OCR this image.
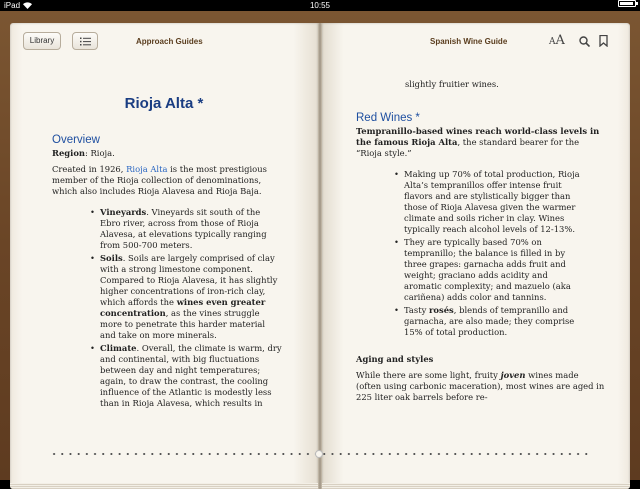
iPad	10:55
Library	Approach Guides
Rioja Alta *
Overview

Region: Rioja.

Created in 1926, Rioja Alta is the most prestigious member of the Rioja collection of denominations, which also includes Rioja Alavesa and Rioja Baja.

• Vineyards. Vineyards sit south of the Ebro river, across from those of Rioja Alavesa, at elevations typically ranging from 500-700 meters.
• Soils. Soils are largely comprised of clay with a strong limestone component. Compared to Rioja Alavesa, it has slightly higher concentrations of iron-rich clay, which affords the wines even greater concentration, as the vines struggle more to penetrate this harder material and take on more minerals.
• Climate. Overall, the climate is warm, dry and continental, with big fluctuations between day and night temperatures; again, to draw the contrast, the cooling influence of the Atlantic is modestly less than in Rioja Alavesa, which results in
Spanish Wine Guide	AA
slightly fruitier wines.
Red Wines *

Tempranillo-based wines reach world-class levels in the famous Rioja Alta, the standard bearer for the “Rioja style.”

• Making up 70% of total production, Rioja Alta’s tempranillos offer intense fruit flavors and are stylistically bigger than those of Rioja Alavesa given the warmer climate and soils richer in clay. Wines typically reach alcohol levels of 12-13%.
• They are typically based 70% on tempranillo; the balance is filled in by three grapes: garnacha adds fruit and weight; graciano adds acidity and aromatic complexity; and mazuelo (aka cariñena) adds color and tannins.
• Tasty rosés, blends of tempranillo and garnacha, are also made; they comprise 15% of total production.

Aging and styles

While there are some light, fruity joven wines made (often using carbonic maceration), most wines are aged in 225 liter oak barrels before re-
